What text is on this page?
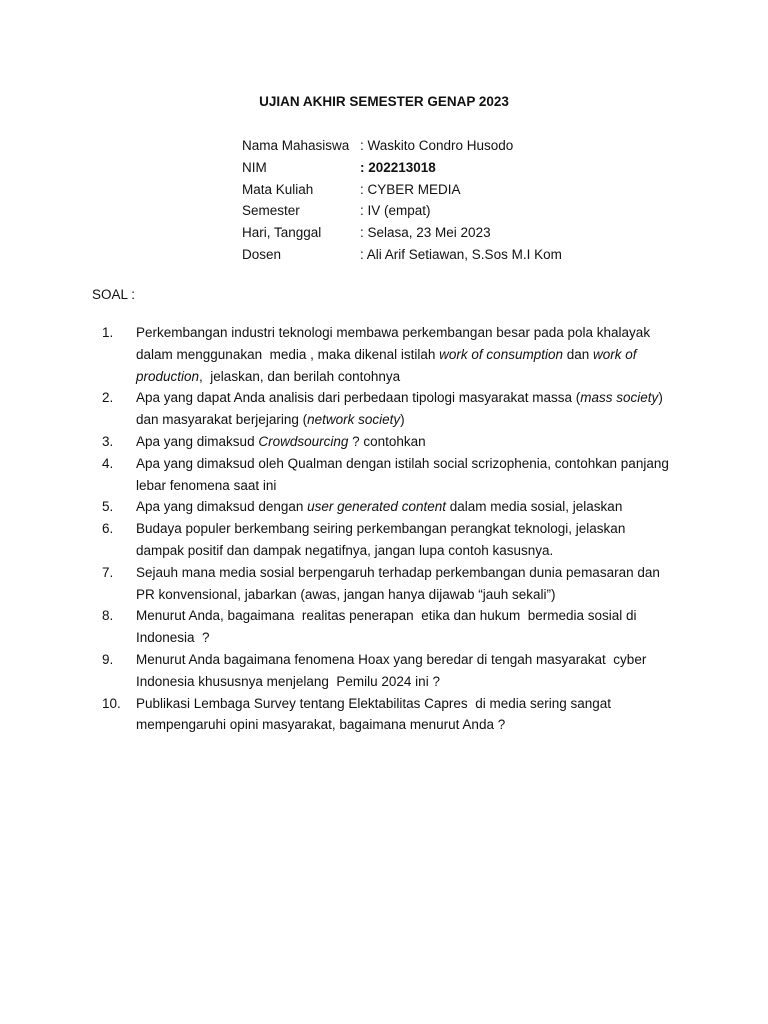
UJIAN AKHIR SEMESTER GENAP 2023
Nama Mahasiswa : Waskito Condro Husodo
NIM	: 202213018
Mata Kuliah	: CYBER MEDIA
Semester	: IV (empat)
Hari, Tanggal	: Selasa, 23 Mei 2023
Dosen	: Ali Arif Setiawan, S.Sos M.I Kom
SOAL :
1.	Perkembangan industri teknologi membawa perkembangan besar pada pola khalayak
dalam menggunakan  media , maka dikenal istilah work of consumption dan work of
production,  jelaskan, dan berilah contohnya
2.	Apa yang dapat Anda analisis dari perbedaan tipologi masyarakat massa (mass society)
dan masyarakat berjejaring (network society)
3.	Apa yang dimaksud Crowdsourcing ? contohkan
4.	Apa yang dimaksud oleh Qualman dengan istilah social scrizophenia, contohkan panjang
lebar fenomena saat ini
5.	Apa yang dimaksud dengan user generated content dalam media sosial, jelaskan
6.	Budaya populer berkembang seiring perkembangan perangkat teknologi, jelaskan
dampak positif dan dampak negatifnya, jangan lupa contoh kasusnya.
7.	Sejauh mana media sosial berpengaruh terhadap perkembangan dunia pemasaran dan
PR konvensional, jabarkan (awas, jangan hanya dijawab “jauh sekali”)
8.	Menurut Anda, bagaimana  realitas penerapan  etika dan hukum  bermedia sosial di
Indonesia  ?
9.	Menurut Anda bagaimana fenomena Hoax yang beredar di tengah masyarakat  cyber
Indonesia khususnya menjelang  Pemilu 2024 ini ?
10.	Publikasi Lembaga Survey tentang Elektabilitas Capres  di media sering sangat
mempengaruhi opini masyarakat, bagaimana menurut Anda ?
